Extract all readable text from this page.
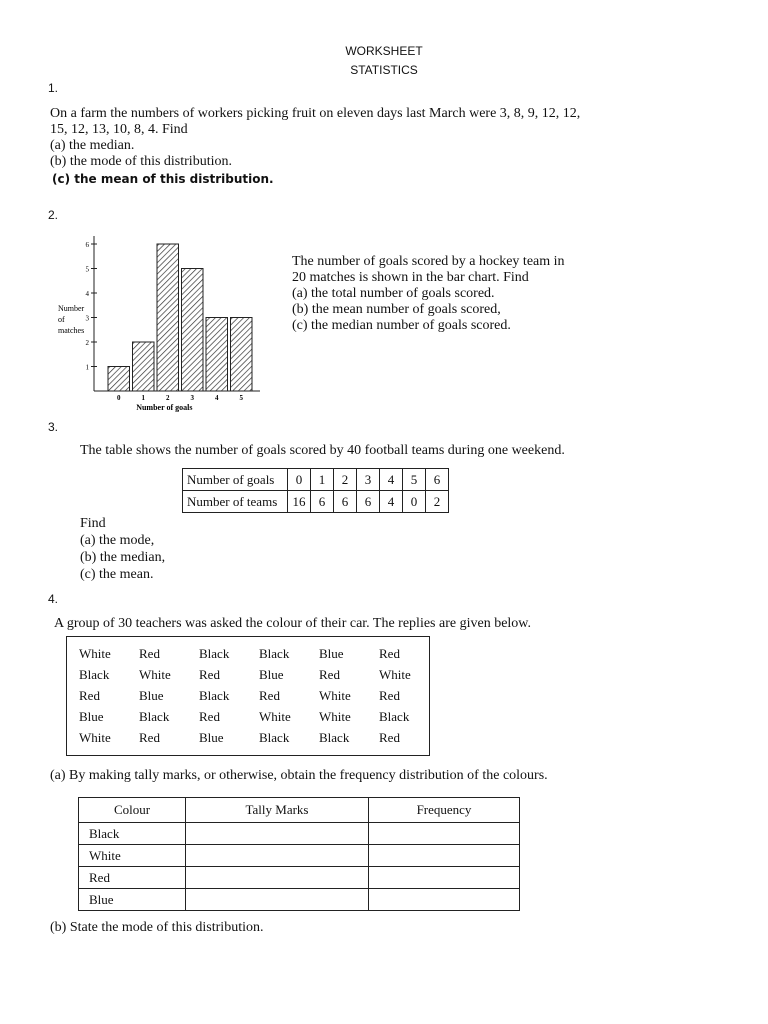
WORKSHEET
STATISTICS
1.
On a farm the numbers of workers picking fruit on eleven days last March were 3, 8, 9, 12, 12,
15, 12, 13, 10, 8, 4. Find
(a) the median.
(b) the mode of this distribution.
(c) the mean of this distribution.
2.
1
2
3
4
5
6
Number
of
matches
0	1	2	3	4	5
Number of goals
The number of goals scored by a hockey team in
20 matches is shown in the bar chart. Find
(a) the total number of goals scored.
(b) the mean number of goals scored,
(c) the median number of goals scored.
3.
The table shows the number of goals scored by 40 football teams during one weekend.
Number of goals	0	1	2	3	4	5	6
Number of teams	16	6	6	6	4	0	2
Find
(a) the mode,
(b) the median,
(c) the mean.
4.
A group of 30 teachers was asked the colour of their car. The replies are given below.
White	Red	Black	Black	Blue	Red
Black	White	Red	Blue	Red	White
Red	Blue	Black	Red	White	Red
Blue	Black	Red	White	White	Black
White	Red	Blue	Black	Black	Red
(a) By making tally marks, or otherwise, obtain the frequency distribution of the colours.
Colour	Tally Marks	Frequency
Black		
White		
Red		
Blue		
(b) State the mode of this distribution.
